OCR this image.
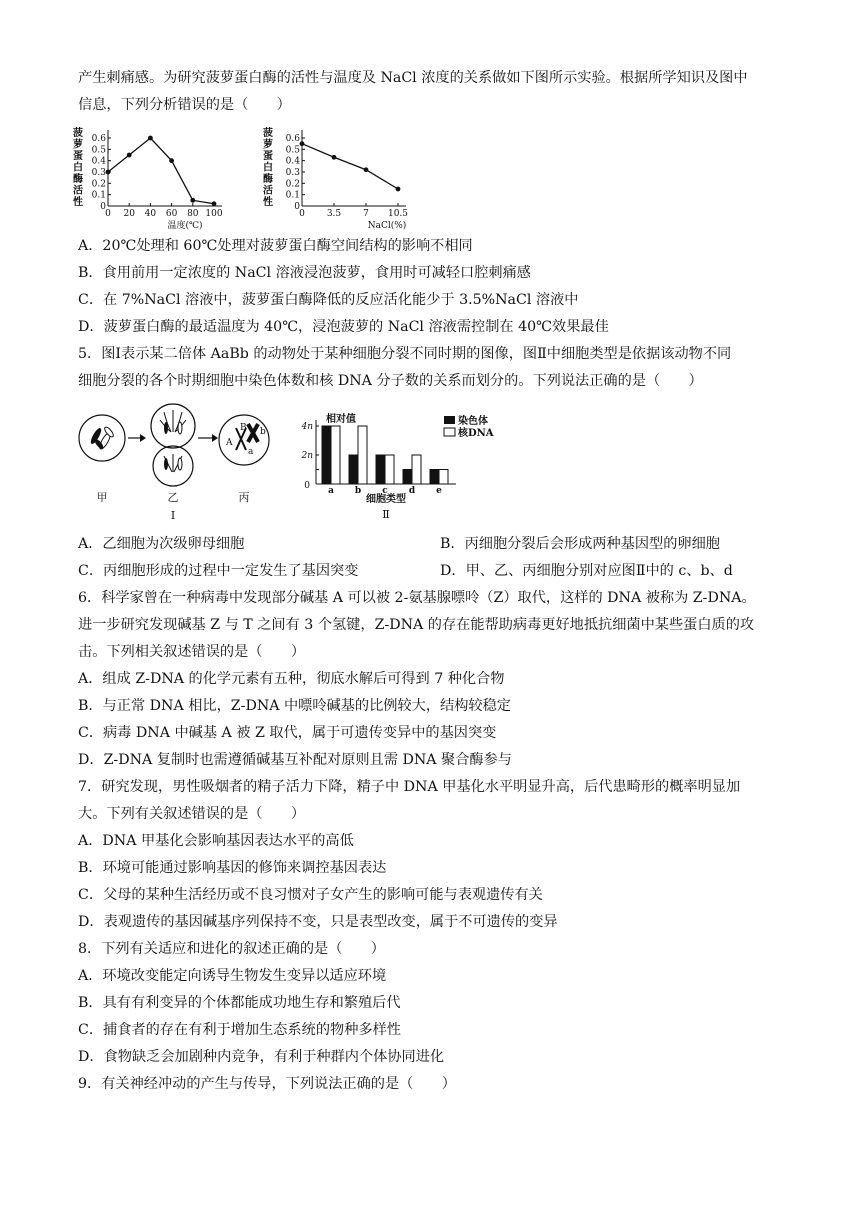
产生刺痛感。为研究菠萝蛋白酶的活性与温度及 NaCl 浓度的关系做如下图所示实验。根据所学知识及图中
信息，下列分析错误的是（　　）
菠
萝
蛋
白
酶
活
性 0
0.1
0.2
0.3
0.4
0.5
0.6
0 20 40 60 80 100
温度(℃)
菠
萝
蛋
白
酶
活
性 0
0.1
0.2
0.3
0.4
0.5
0.6
0 3.5 7 10.5
NaCl(%)
A．20℃处理和 60℃处理对菠萝蛋白酶空间结构的影响不相同
B．食用前用一定浓度的 NaCl 溶液浸泡菠萝，食用时可减轻口腔刺痛感
C．在 7%NaCl 溶液中，菠萝蛋白酶降低的反应活化能少于 3.5%NaCl 溶液中
D．菠萝蛋白酶的最适温度为 40℃，浸泡菠萝的 NaCl 溶液需控制在 40℃效果最佳
5．图Ⅰ表示某二倍体 AaBb 的动物处于某种细胞分裂不同时期的图像，图Ⅱ中细胞类型是依据该动物不同
细胞分裂的各个时期细胞中染色体数和核 DNA 分子数的关系而划分的。下列说法正确的是（　　）
A
a
B b
甲	乙	丙
Ⅰ
相对值
2n
4n
a b c d e
0
细胞类型
Ⅱ
染色体
核DNA
A．乙细胞为次级卵母细胞	B．丙细胞分裂后会形成两种基因型的卵细胞
C．丙细胞形成的过程中一定发生了基因突变	D．甲、乙、丙细胞分别对应图Ⅱ中的 c、b、d
6．科学家曾在一种病毒中发现部分碱基 A 可以被 2-氨基腺嘌呤（Z）取代，这样的 DNA 被称为 Z-DNA。
进一步研究发现碱基 Z 与 T 之间有 3 个氢键，Z-DNA 的存在能帮助病毒更好地抵抗细菌中某些蛋白质的攻
击。下列相关叙述错误的是（　　）
A．组成 Z-DNA 的化学元素有五种，彻底水解后可得到 7 种化合物
B．与正常 DNA 相比，Z-DNA 中嘌呤碱基的比例较大，结构较稳定
C．病毒 DNA 中碱基 A 被 Z 取代，属于可遗传变异中的基因突变
D．Z-DNA 复制时也需遵循碱基互补配对原则且需 DNA 聚合酶参与
7．研究发现，男性吸烟者的精子活力下降，精子中 DNA 甲基化水平明显升高，后代患畸形的概率明显加
大。下列有关叙述错误的是（　　）
A．DNA 甲基化会影响基因表达水平的高低
B．环境可能通过影响基因的修饰来调控基因表达
C．父母的某种生活经历或不良习惯对子女产生的影响可能与表观遗传有关
D．表观遗传的基因碱基序列保持不变，只是表型改变，属于不可遗传的变异
8．下列有关适应和进化的叙述正确的是（　　）
A．环境改变能定向诱导生物发生变异以适应环境
B．具有有利变异的个体都能成功地生存和繁殖后代
C．捕食者的存在有利于增加生态系统的物种多样性
D．食物缺乏会加剧种内竞争，有利于种群内个体协同进化
9．有关神经冲动的产生与传导，下列说法正确的是（　　）
